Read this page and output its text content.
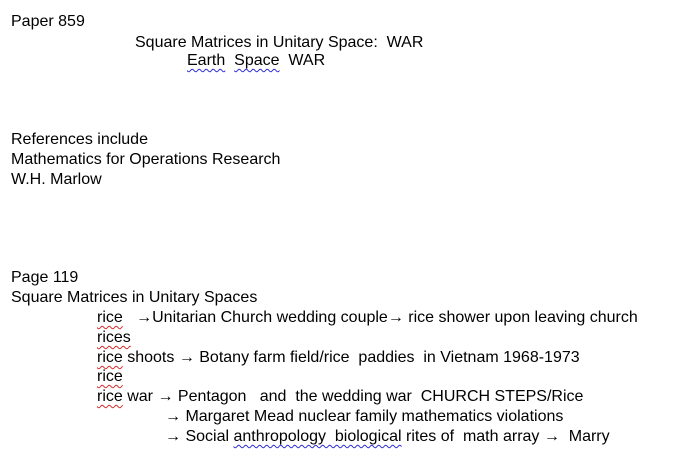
Paper 859
Square Matrices in Unitary Space:  WAR
Earth Space WAR
References include
Mathematics for Operations Research
W.H. Marlow
Page 119
Square Matrices in Unitary Spaces
rice →Unitarian Church wedding couple→ rice shower upon leaving church
rices
rice shoots → Botany farm field/rice  paddies  in Vietnam 1968-1973
rice
rice war → Pentagon   and  the wedding war  CHURCH STEPS/Rice
→ Margaret Mead nuclear family mathematics violations
→ Social anthropology  biological rites of  math array →  Marry
